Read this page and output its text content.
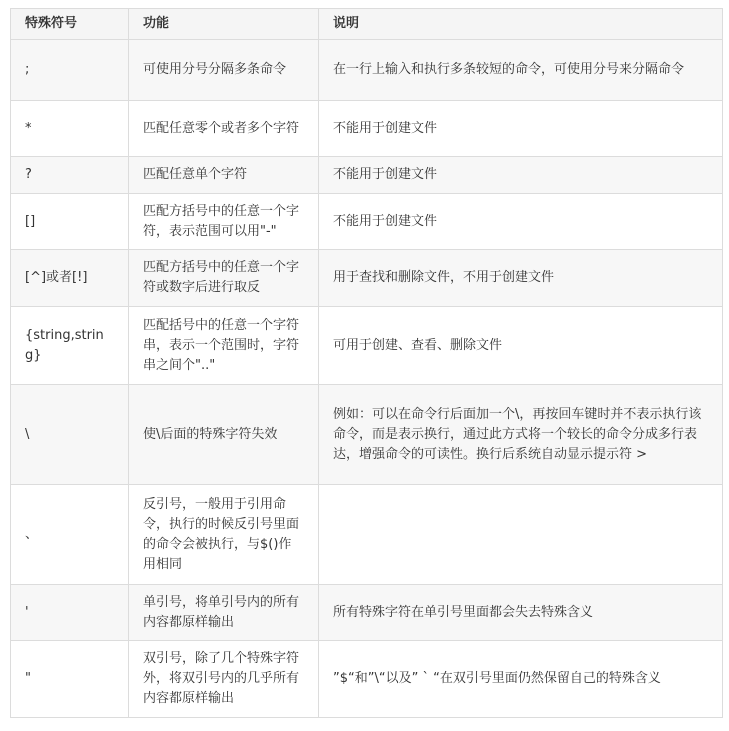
特殊符号	功能	说明
;	可使用分号分隔多条命令	在一行上输入和执行多条较短的命令，可使用分号来分隔命令
*	匹配任意零个或者多个字符	不能用于创建文件
?	匹配任意单个字符	不能用于创建文件
[]	匹配方括号中的任意一个字符，表示范围可以用"-"	不能用于创建文件
[^]或者[!]	匹配方括号中的任意一个字符或数字后进行取反	用于查找和删除文件，不用于创建文件
{string,string}	匹配括号中的任意一个字符串，表示一个范围时，字符串之间个".."	可用于创建、查看、删除文件
\	使\后面的特殊字符失效	例如：可以在命令行后面加一个\，再按回车键时并不表示执行该命令，而是表示换行，通过此方式将一个较长的命令分成多行表达，增强命令的可读性。换行后系统自动显示提示符 >
、	反引号，一般用于引用命令，执行的时候反引号里面的命令会被执行，与$()作用相同	
'	单引号，将单引号内的所有内容都原样输出	所有特殊字符在单引号里面都会失去特殊含义
"	双引号，除了几个特殊字符外，将双引号内的几乎所有内容都原样输出	”$“和”\“以及” ` “在双引号里面仍然保留自己的特殊含义
